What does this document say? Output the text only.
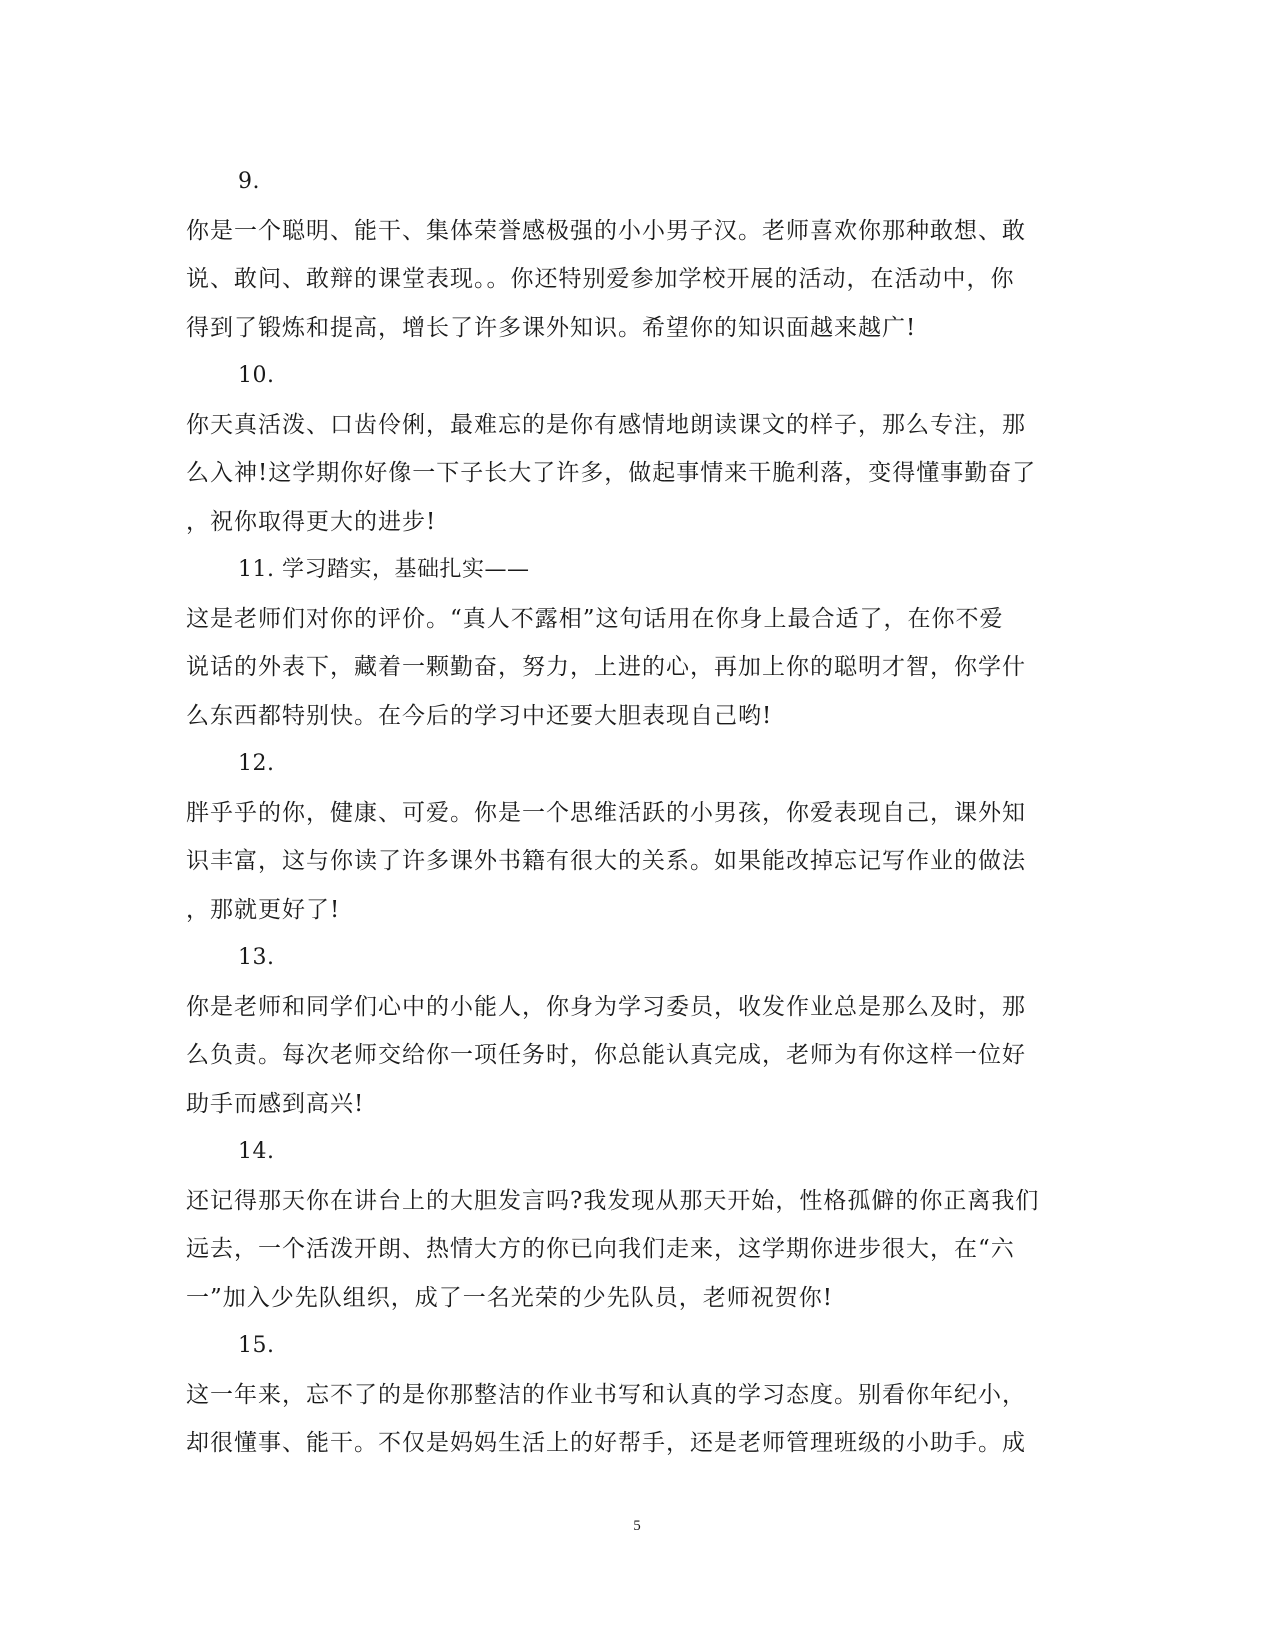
9.
你是一个聪明、能干、集体荣誉感极强的小小男子汉。老师喜欢你那种敢想、敢
说、敢问、敢辩的课堂表现。。你还特别爱参加学校开展的活动，在活动中，你
得到了锻炼和提高，增长了许多课外知识。希望你的知识面越来越广!
10.
你天真活泼、口齿伶俐，最难忘的是你有感情地朗读课文的样子，那么专注，那
么入神!这学期你好像一下子长大了许多，做起事情来干脆利落，变得懂事勤奋了
，祝你取得更大的进步!
11. 学习踏实，基础扎实——
这是老师们对你的评价。“真人不露相”这句话用在你身上最合适了，在你不爱
说话的外表下，藏着一颗勤奋，努力，上进的心，再加上你的聪明才智，你学什
么东西都特别快。在今后的学习中还要大胆表现自己哟!
12.
胖乎乎的你，健康、可爱。你是一个思维活跃的小男孩，你爱表现自己，课外知
识丰富，这与你读了许多课外书籍有很大的关系。如果能改掉忘记写作业的做法
，那就更好了!
13.
你是老师和同学们心中的小能人，你身为学习委员，收发作业总是那么及时，那
么负责。每次老师交给你一项任务时，你总能认真完成，老师为有你这样一位好
助手而感到高兴!
14.
还记得那天你在讲台上的大胆发言吗?我发现从那天开始，性格孤僻的你正离我们
远去，一个活泼开朗、热情大方的你已向我们走来，这学期你进步很大，在“六
一”加入少先队组织，成了一名光荣的少先队员，老师祝贺你!
15.
这一年来，忘不了的是你那整洁的作业书写和认真的学习态度。别看你年纪小，
却很懂事、能干。不仅是妈妈生活上的好帮手，还是老师管理班级的小助手。成
5
